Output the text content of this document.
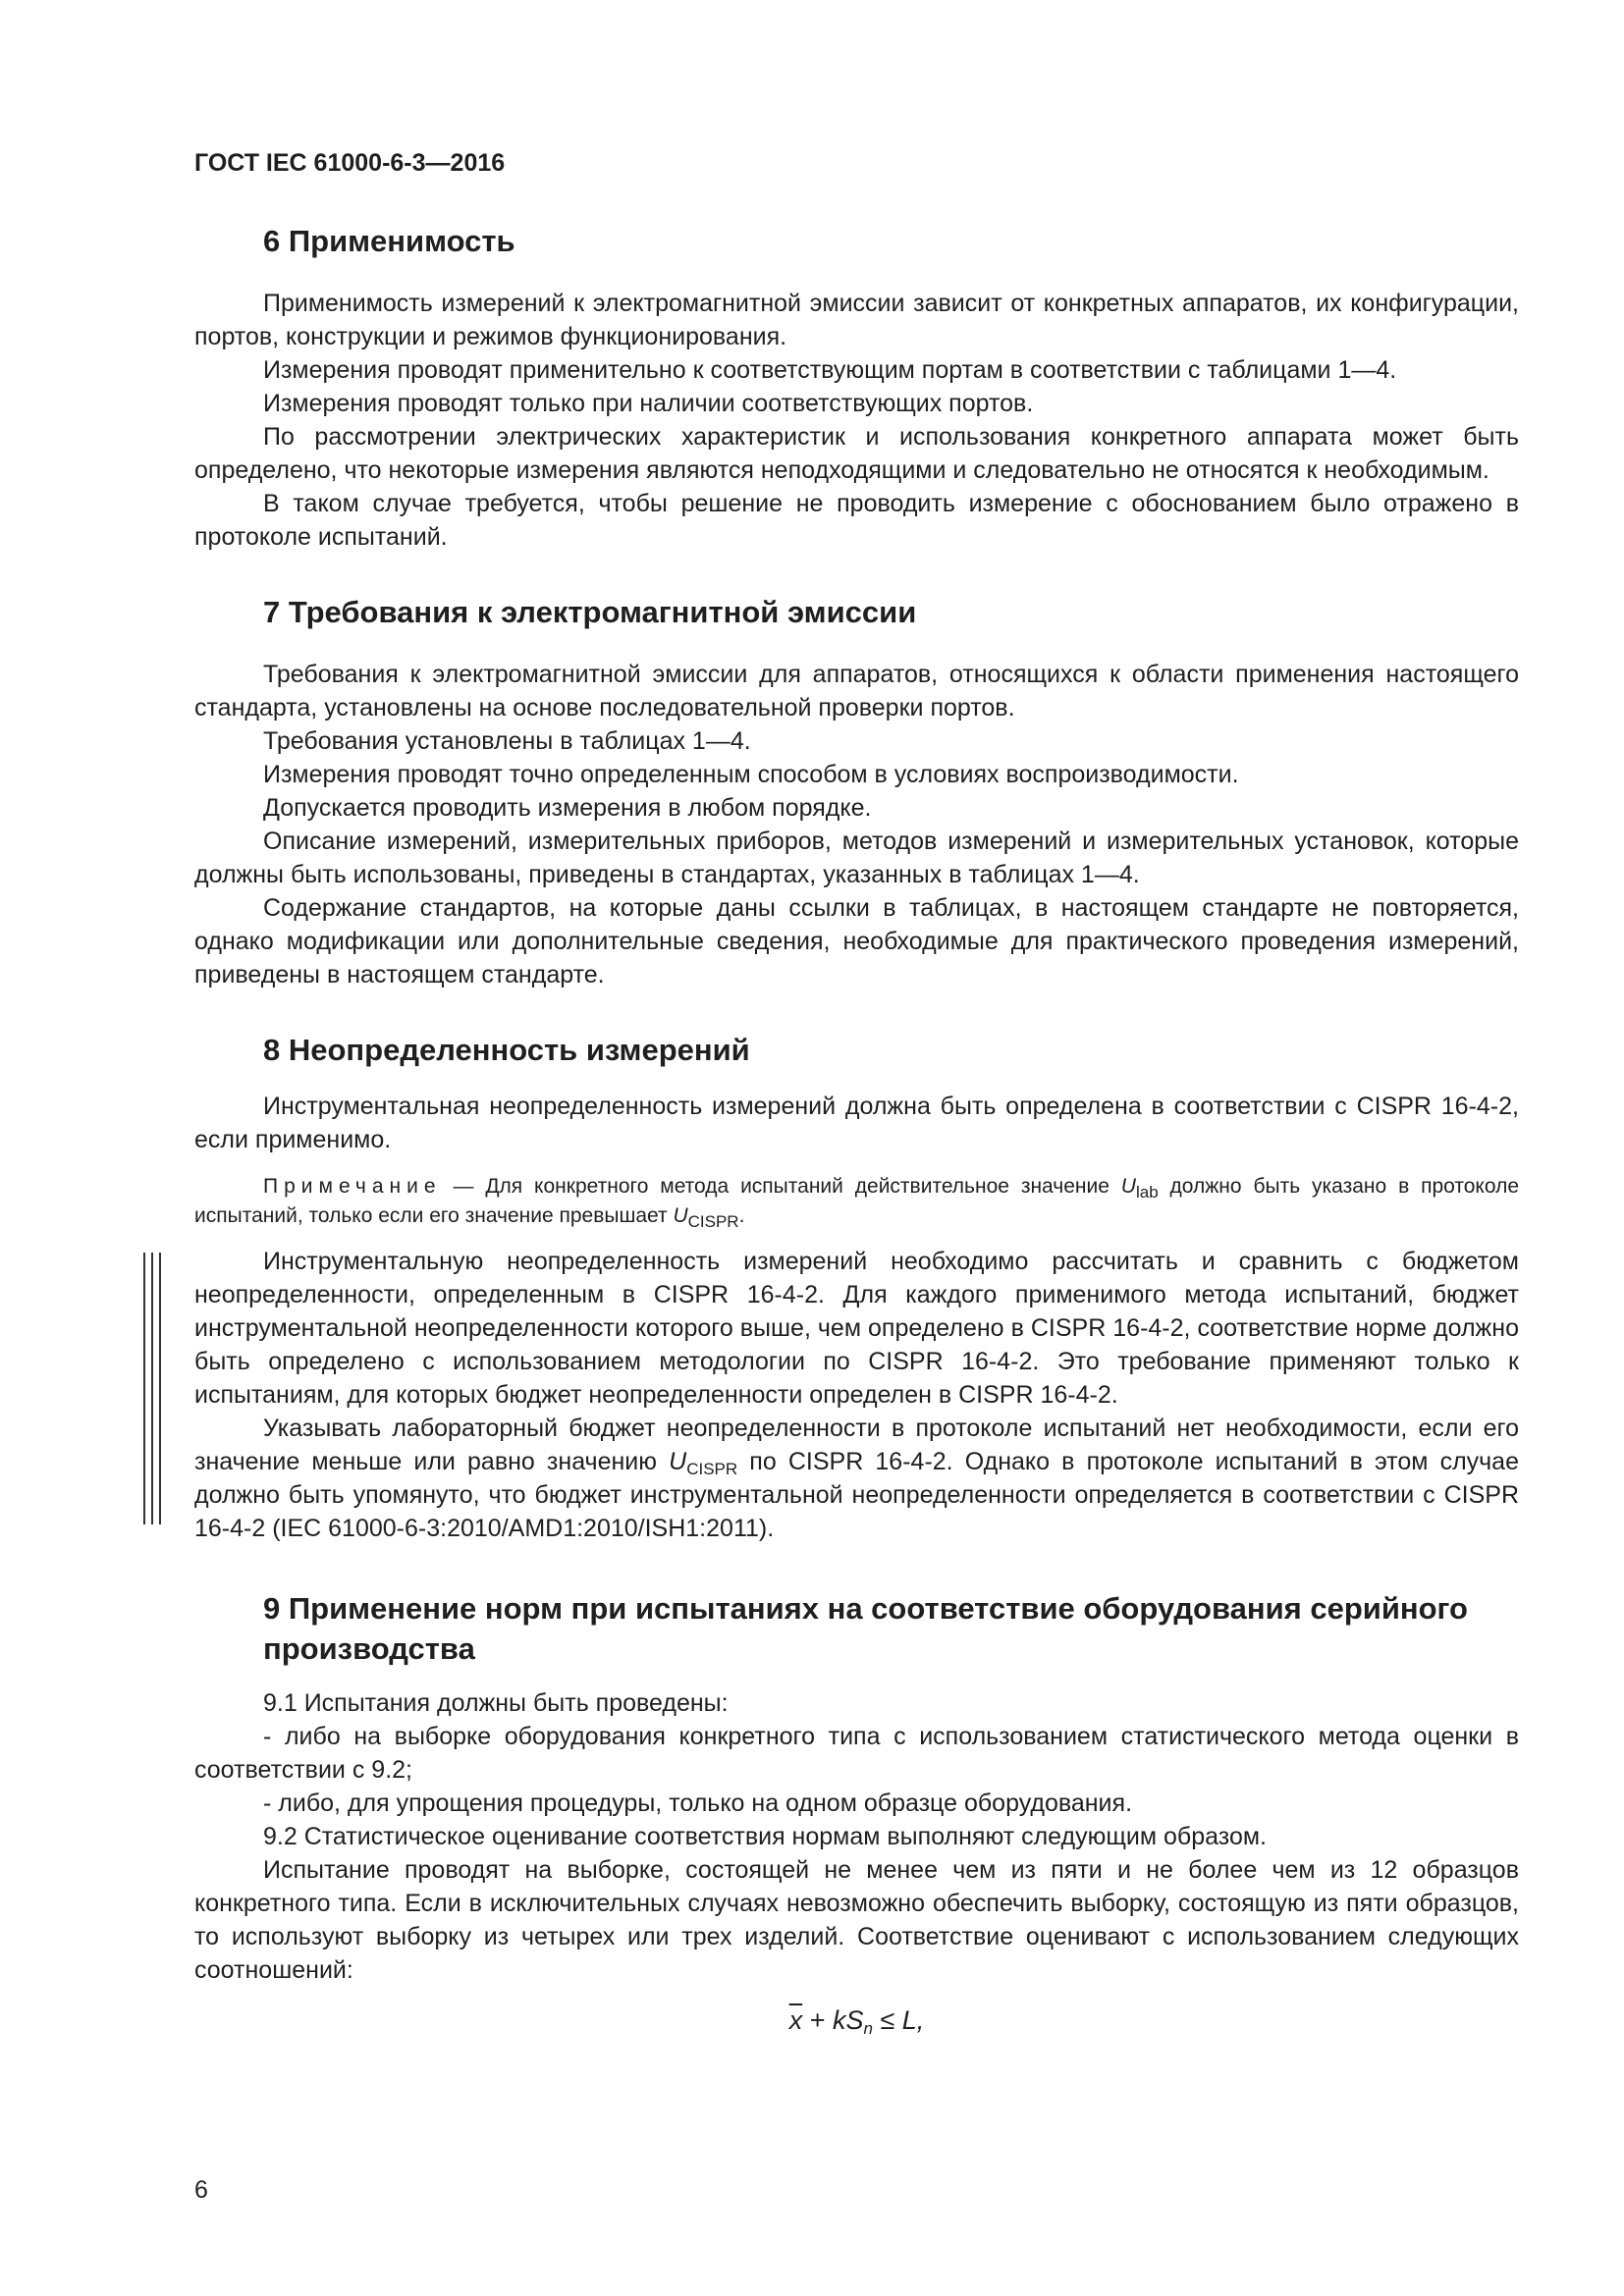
ГОСТ IEC 61000-6-3—2016
6 Применимость

Применимость измерений к электромагнитной эмиссии зависит от конкретных аппаратов, их конфигурации, портов, конструкции и режимов функционирования.

Измерения проводят применительно к соответствующим портам в соответствии с таблицами 1—4.

Измерения проводят только при наличии соответствующих портов.

По рассмотрении электрических характеристик и использования конкретного аппарата может быть определено, что некоторые измерения являются неподходящими и следовательно не относятся к необходимым.

В таком случае требуется, чтобы решение не проводить измерение с обоснованием было отражено в протоколе испытаний.

7 Требования к электромагнитной эмиссии

Требования к электромагнитной эмиссии для аппаратов, относящихся к области применения настоящего стандарта, установлены на основе последовательной проверки портов.

Требования установлены в таблицах 1—4.

Измерения проводят точно определенным способом в условиях воспроизводимости.

Допускается проводить измерения в любом порядке.

Описание измерений, измерительных приборов, методов измерений и измерительных установок, которые должны быть использованы, приведены в стандартах, указанных в таблицах 1—4.

Содержание стандартов, на которые даны ссылки в таблицах, в настоящем стандарте не повторяется, однако модификации или дополнительные сведения, необходимые для практического проведения измерений, приведены в настоящем стандарте.

8 Неопределенность измерений

Инструментальная неопределенность измерений должна быть определена в соответствии с CISPR 16-4-2, если применимо.

Примечание — Для конкретного метода испытаний действительное значение $U_{lab}$ должно быть указано в протоколе испытаний, только если его значение превышает $U_{CISPR}$.

Инструментальную неопределенность измерений необходимо рассчитать и сравнить с бюджетом неопределенности, определенным в CISPR 16-4-2. Для каждого применимого метода испытаний, бюджет инструментальной неопределенности которого выше, чем определено в CISPR 16-4-2, соответствие норме должно быть определено с использованием методологии по CISPR 16-4-2. Это требование применяют только к испытаниям, для которых бюджет неопределенности определен в CISPR 16-4-2.

Указывать лабораторный бюджет неопределенности в протоколе испытаний нет необходимости, если его значение меньше или равно значению $U_{CISPR}$ по CISPR 16-4-2. Однако в протоколе испытаний в этом случае должно быть упомянуто, что бюджет инструментальной неопределенности определяется в соответствии с CISPR 16-4-2 (IEC 61000-6-3:2010/AMD1:2010/ISH1:2011).

9 Применение норм при испытаниях на соответствие оборудования серийного производства

9.1 Испытания должны быть проведены:

- либо на выборке оборудования конкретного типа с использованием статистического метода оценки в соответствии с 9.2;

- либо, для упрощения процедуры, только на одном образце оборудования.

9.2 Статистическое оценивание соответствия нормам выполняют следующим образом.

Испытание проводят на выборке, состоящей не менее чем из пяти и не более чем из 12 образцов конкретного типа. Если в исключительных случаях невозможно обеспечить выборку, состоящую из пяти образцов, то используют выборку из четырех или трех изделий. Соответствие оценивают с использованием следующих соотношений:

$\overline{x} + kS_n \le L$,
6
